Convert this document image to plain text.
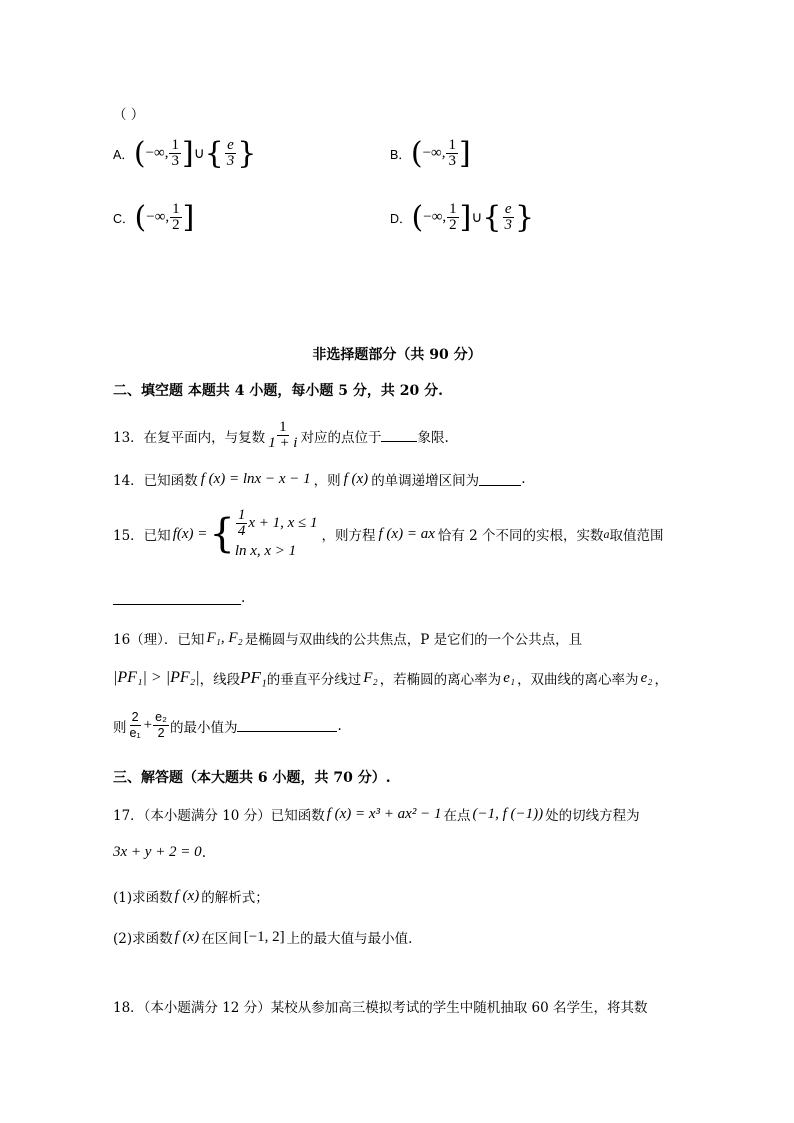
（ ）
A． ( −∞, $\frac{1}{3}$ ] ∪ { $\frac{e}{3}$ }	B． ( −∞, $\frac{1}{3}$ ]
C． ( −∞, $\frac{1}{2}$ ]	D． ( −∞, $\frac{1}{2}$ ] ∪ { $\frac{e}{3}$ }
非选择题部分（共 90 分）
二、填空题 本题共 4 小题，每小题 5 分，共 20 分.
13．在复平面内，与复数 $\frac{1}{1 + i}$ 对应的点位于	象限.
14．已知函数 f (x) = lnx − x − 1 ，则 f (x) 的单调递增区间为	.
15．已知 f(x) = { $\frac{1}{4}$ x + 1, x ≤ 1
ln x, x > 1
，则方程 f (x) = ax 恰有 2 个不同的实根，实数 a 取值范围
.
16（理）．已知 F₁, F₂ 是椭圆与双曲线的公共焦点，P 是它们的一个公共点，且
|PF₁| > |PF₂| ，线段 PF₁ 的垂直平分线过 F₂ ，若椭圆的离心率为 e₁ ，双曲线的离心率为 e₂ ，
则 $\frac{2}{\text{e₁}} + \frac{\text{e₂}}{2}$ 的最小值为	.
三、解答题（本大题共 6 小题，共 70 分）.
17．（本小题满分 10 分）已知函数 f (x) = x³ + ax² − 1 在点 (−1, f (−1)) 处的切线方程为
3x + y + 2 = 0 .
(1)求函数 f (x) 的解析式；
(2)求函数 f (x) 在区间 [−1, 2] 上的最大值与最小值.
18．（本小题满分 12 分）某校从参加高三模拟考试的学生中随机抽取 60 名学生，将其数
